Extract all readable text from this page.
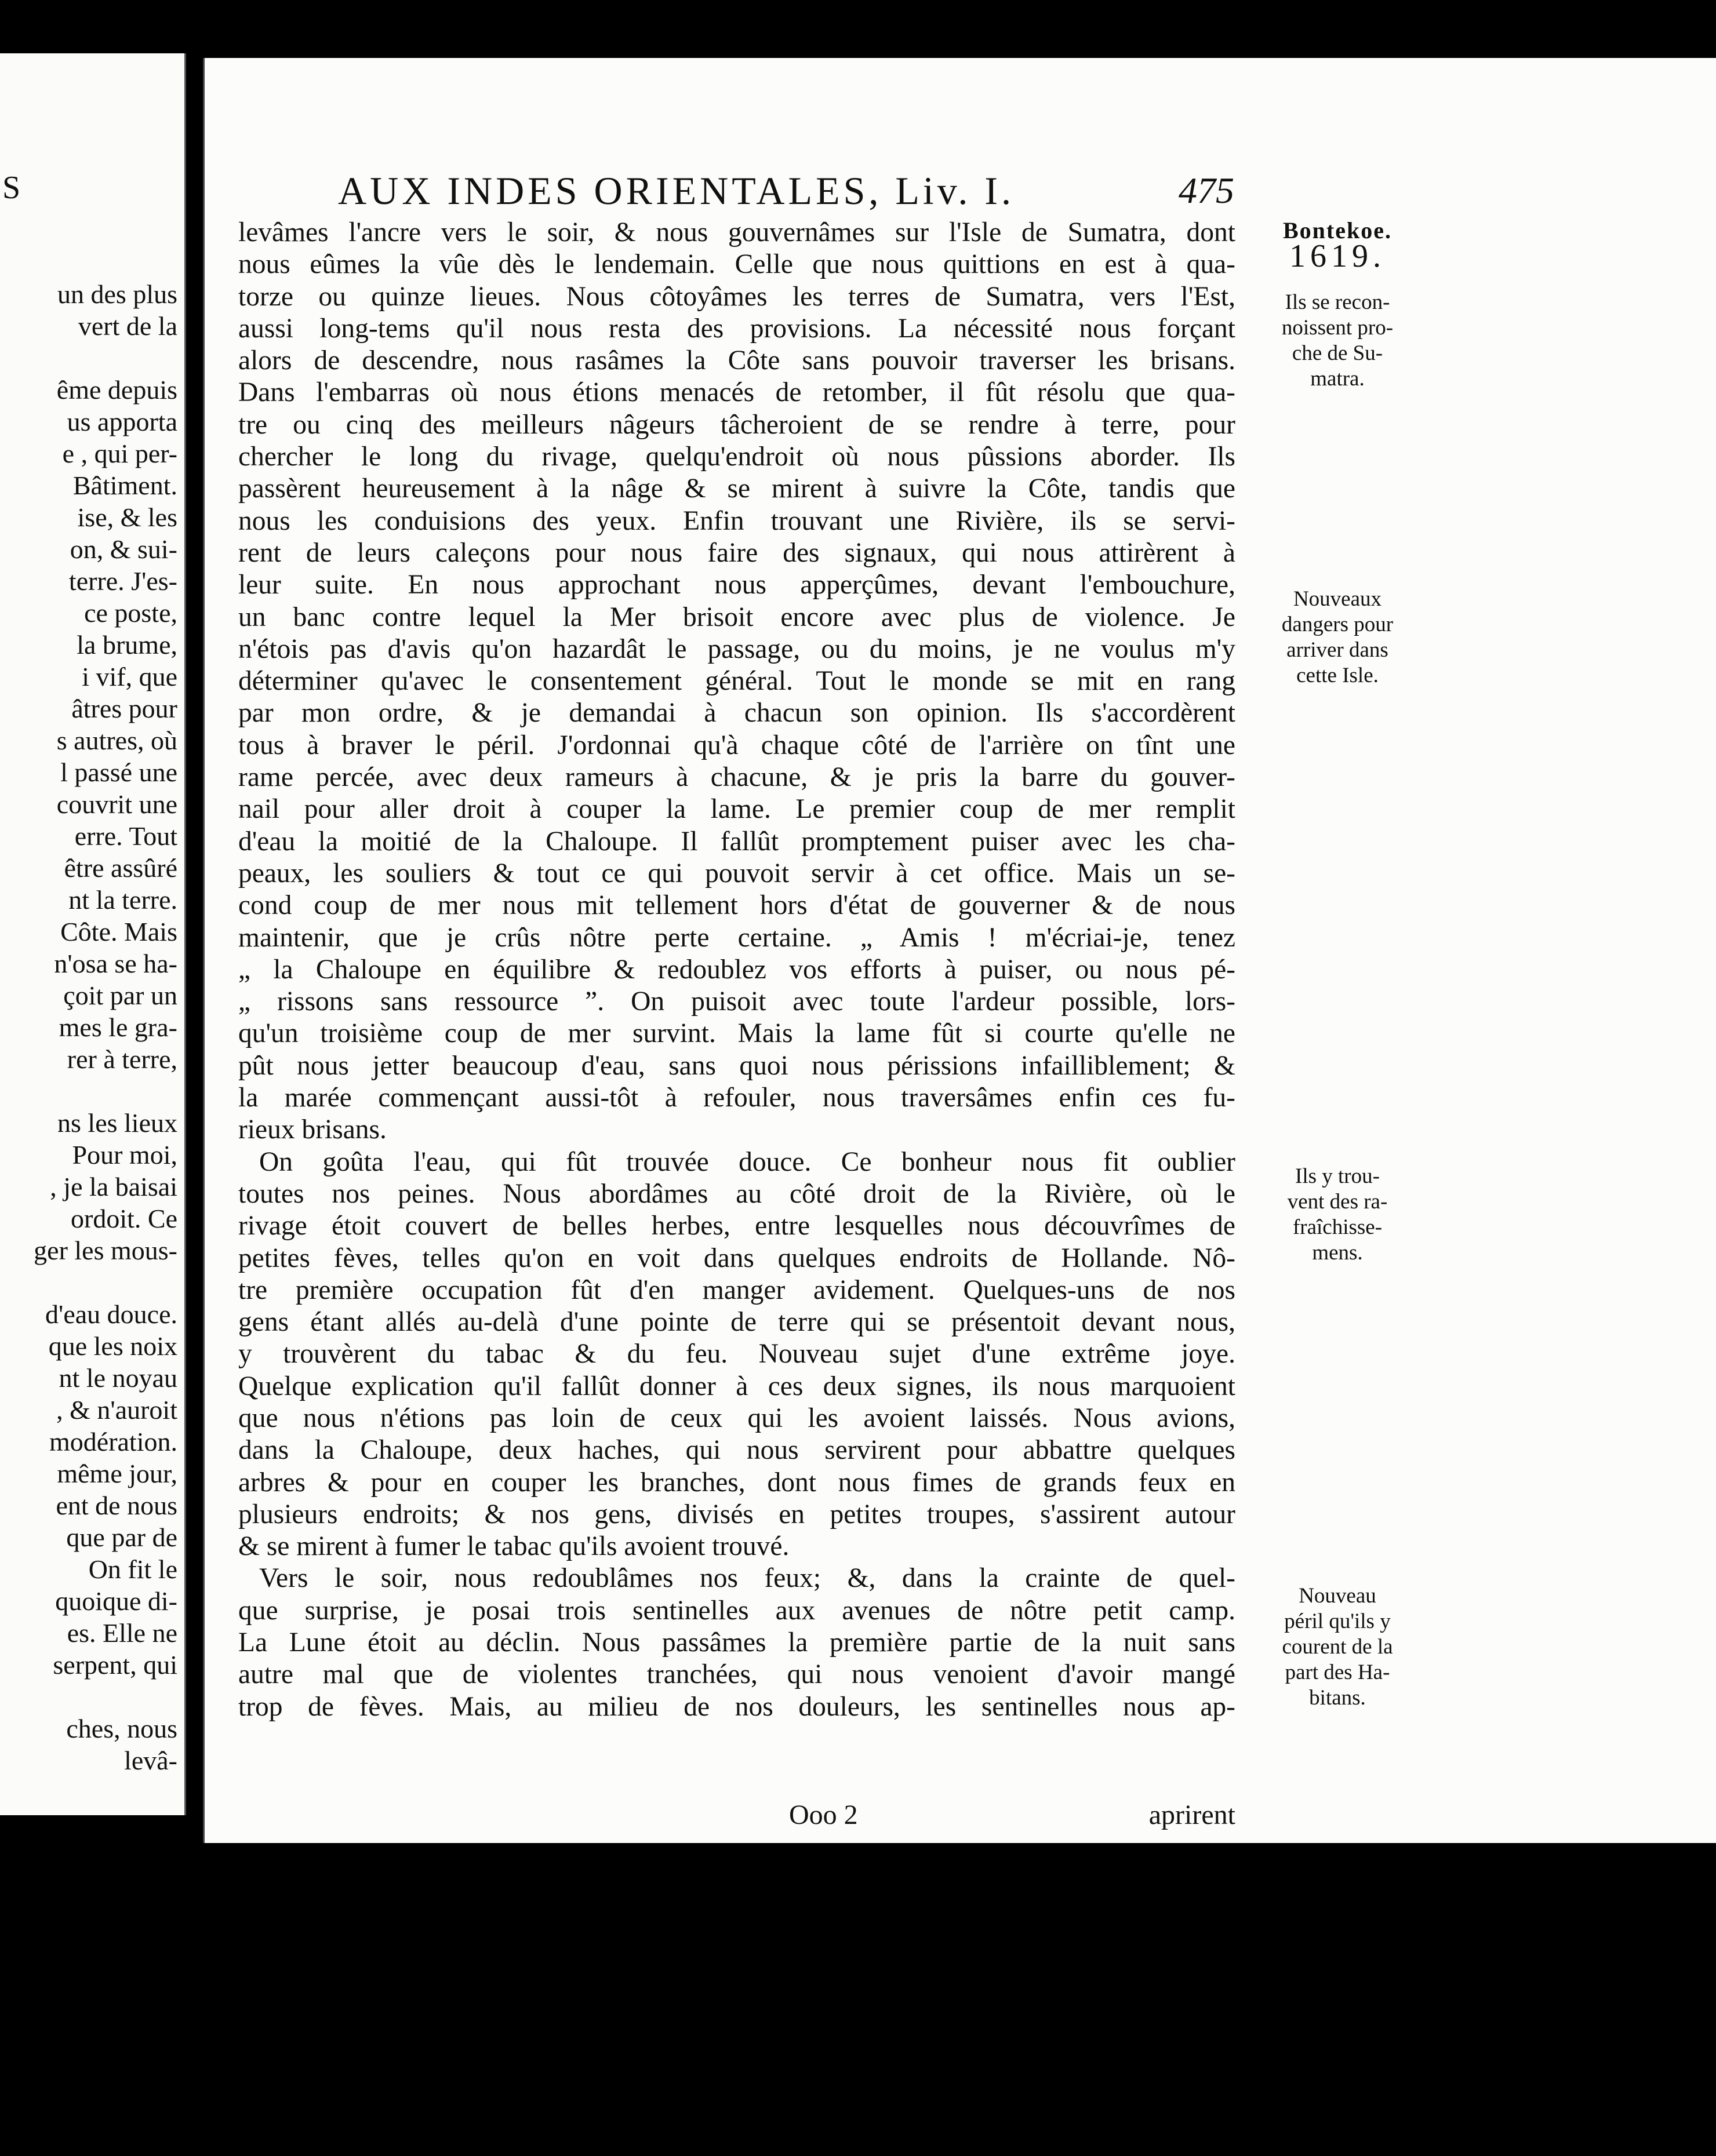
S
un des plus
vert de la
ême depuis
us apporta
e , qui per-
Bâtiment.
ise, & les
on, & sui-
terre. J'es-
ce poste,
la brume,
i vif, que
âtres pour
s autres, où
l passé une
couvrit une
erre. Tout
être assûré
nt la terre.
Côte. Mais
n'osa se ha-
çoit par un
mes le gra-
rer à terre,
ns les lieux
Pour moi,
, je la baisai
ordoit. Ce
ger les mous-
d'eau douce.
que les noix
nt le noyau
, & n'auroit
modération.
même jour,
ent de nous
que par de
On fit le
quoique di-
es. Elle ne
serpent, qui
ches, nous
levâ-
AUX INDES ORIENTALES, Liv. I.	475
levâmes l'ancre vers le soir, & nous gouvernâmes sur l'Isle de Sumatra, dont
nous eûmes la vûe dès le lendemain. Celle que nous quittions en est à qua-
torze ou quinze lieues. Nous côtoyâmes les terres de Sumatra, vers l'Est,
aussi long-tems qu'il nous resta des provisions. La nécessité nous forçant
alors de descendre, nous rasâmes la Côte sans pouvoir traverser les brisans.
Dans l'embarras où nous étions menacés de retomber, il fût résolu que qua-
tre ou cinq des meilleurs nâgeurs tâcheroient de se rendre à terre, pour
chercher le long du rivage, quelqu'endroit où nous pûssions aborder. Ils
passèrent heureusement à la nâge & se mirent à suivre la Côte, tandis que
nous les conduisions des yeux. Enfin trouvant une Rivière, ils se servi-
rent de leurs caleçons pour nous faire des signaux, qui nous attirèrent à
leur suite. En nous approchant nous apperçûmes, devant l'embouchure,
un banc contre lequel la Mer brisoit encore avec plus de violence. Je
n'étois pas d'avis qu'on hazardât le passage, ou du moins, je ne voulus m'y
déterminer qu'avec le consentement général. Tout le monde se mit en rang
par mon ordre, & je demandai à chacun son opinion. Ils s'accordèrent
tous à braver le péril. J'ordonnai qu'à chaque côté de l'arrière on tînt une
rame percée, avec deux rameurs à chacune, & je pris la barre du gouver-
nail pour aller droit à couper la lame. Le premier coup de mer remplit
d'eau la moitié de la Chaloupe. Il fallût promptement puiser avec les cha-
peaux, les souliers & tout ce qui pouvoit servir à cet office. Mais un se-
cond coup de mer nous mit tellement hors d'état de gouverner & de nous
maintenir, que je crûs nôtre perte certaine. „ Amis ! m'écriai-je, tenez
„ la Chaloupe en équilibre & redoublez vos efforts à puiser, ou nous pé-
„ rissons sans ressource ”. On puisoit avec toute l'ardeur possible, lors-
qu'un troisième coup de mer survint. Mais la lame fût si courte qu'elle ne
pût nous jetter beaucoup d'eau, sans quoi nous périssions infailliblement; &
la marée commençant aussi-tôt à refouler, nous traversâmes enfin ces fu-
rieux brisans.
On goûta l'eau, qui fût trouvée douce. Ce bonheur nous fit oublier
toutes nos peines. Nous abordâmes au côté droit de la Rivière, où le
rivage étoit couvert de belles herbes, entre lesquelles nous découvrîmes de
petites fèves, telles qu'on en voit dans quelques endroits de Hollande. Nô-
tre première occupation fût d'en manger avidement. Quelques-uns de nos
gens étant allés au-delà d'une pointe de terre qui se présentoit devant nous,
y trouvèrent du tabac & du feu. Nouveau sujet d'une extrême joye.
Quelque explication qu'il fallût donner à ces deux signes, ils nous marquoient
que nous n'étions pas loin de ceux qui les avoient laissés. Nous avions,
dans la Chaloupe, deux haches, qui nous servirent pour abbattre quelques
arbres & pour en couper les branches, dont nous fimes de grands feux en
plusieurs endroits; & nos gens, divisés en petites troupes, s'assirent autour
& se mirent à fumer le tabac qu'ils avoient trouvé.
Vers le soir, nous redoublâmes nos feux; &, dans la crainte de quel-
que surprise, je posai trois sentinelles aux avenues de nôtre petit camp.
La Lune étoit au déclin. Nous passâmes la première partie de la nuit sans
autre mal que de violentes tranchées, qui nous venoient d'avoir mangé
trop de fèves. Mais, au milieu de nos douleurs, les sentinelles nous ap-
Ooo 2	aprirent
Bontekoe.
1619.
Ils se recon-
noissent pro-
che de Su-
matra.
Nouveaux
dangers pour
arriver dans
cette Isle.
Ils y trou-
vent des ra-
fraîchisse-
mens.
Nouveau
péril qu'ils y
courent de la
part des Ha-
bitans.
